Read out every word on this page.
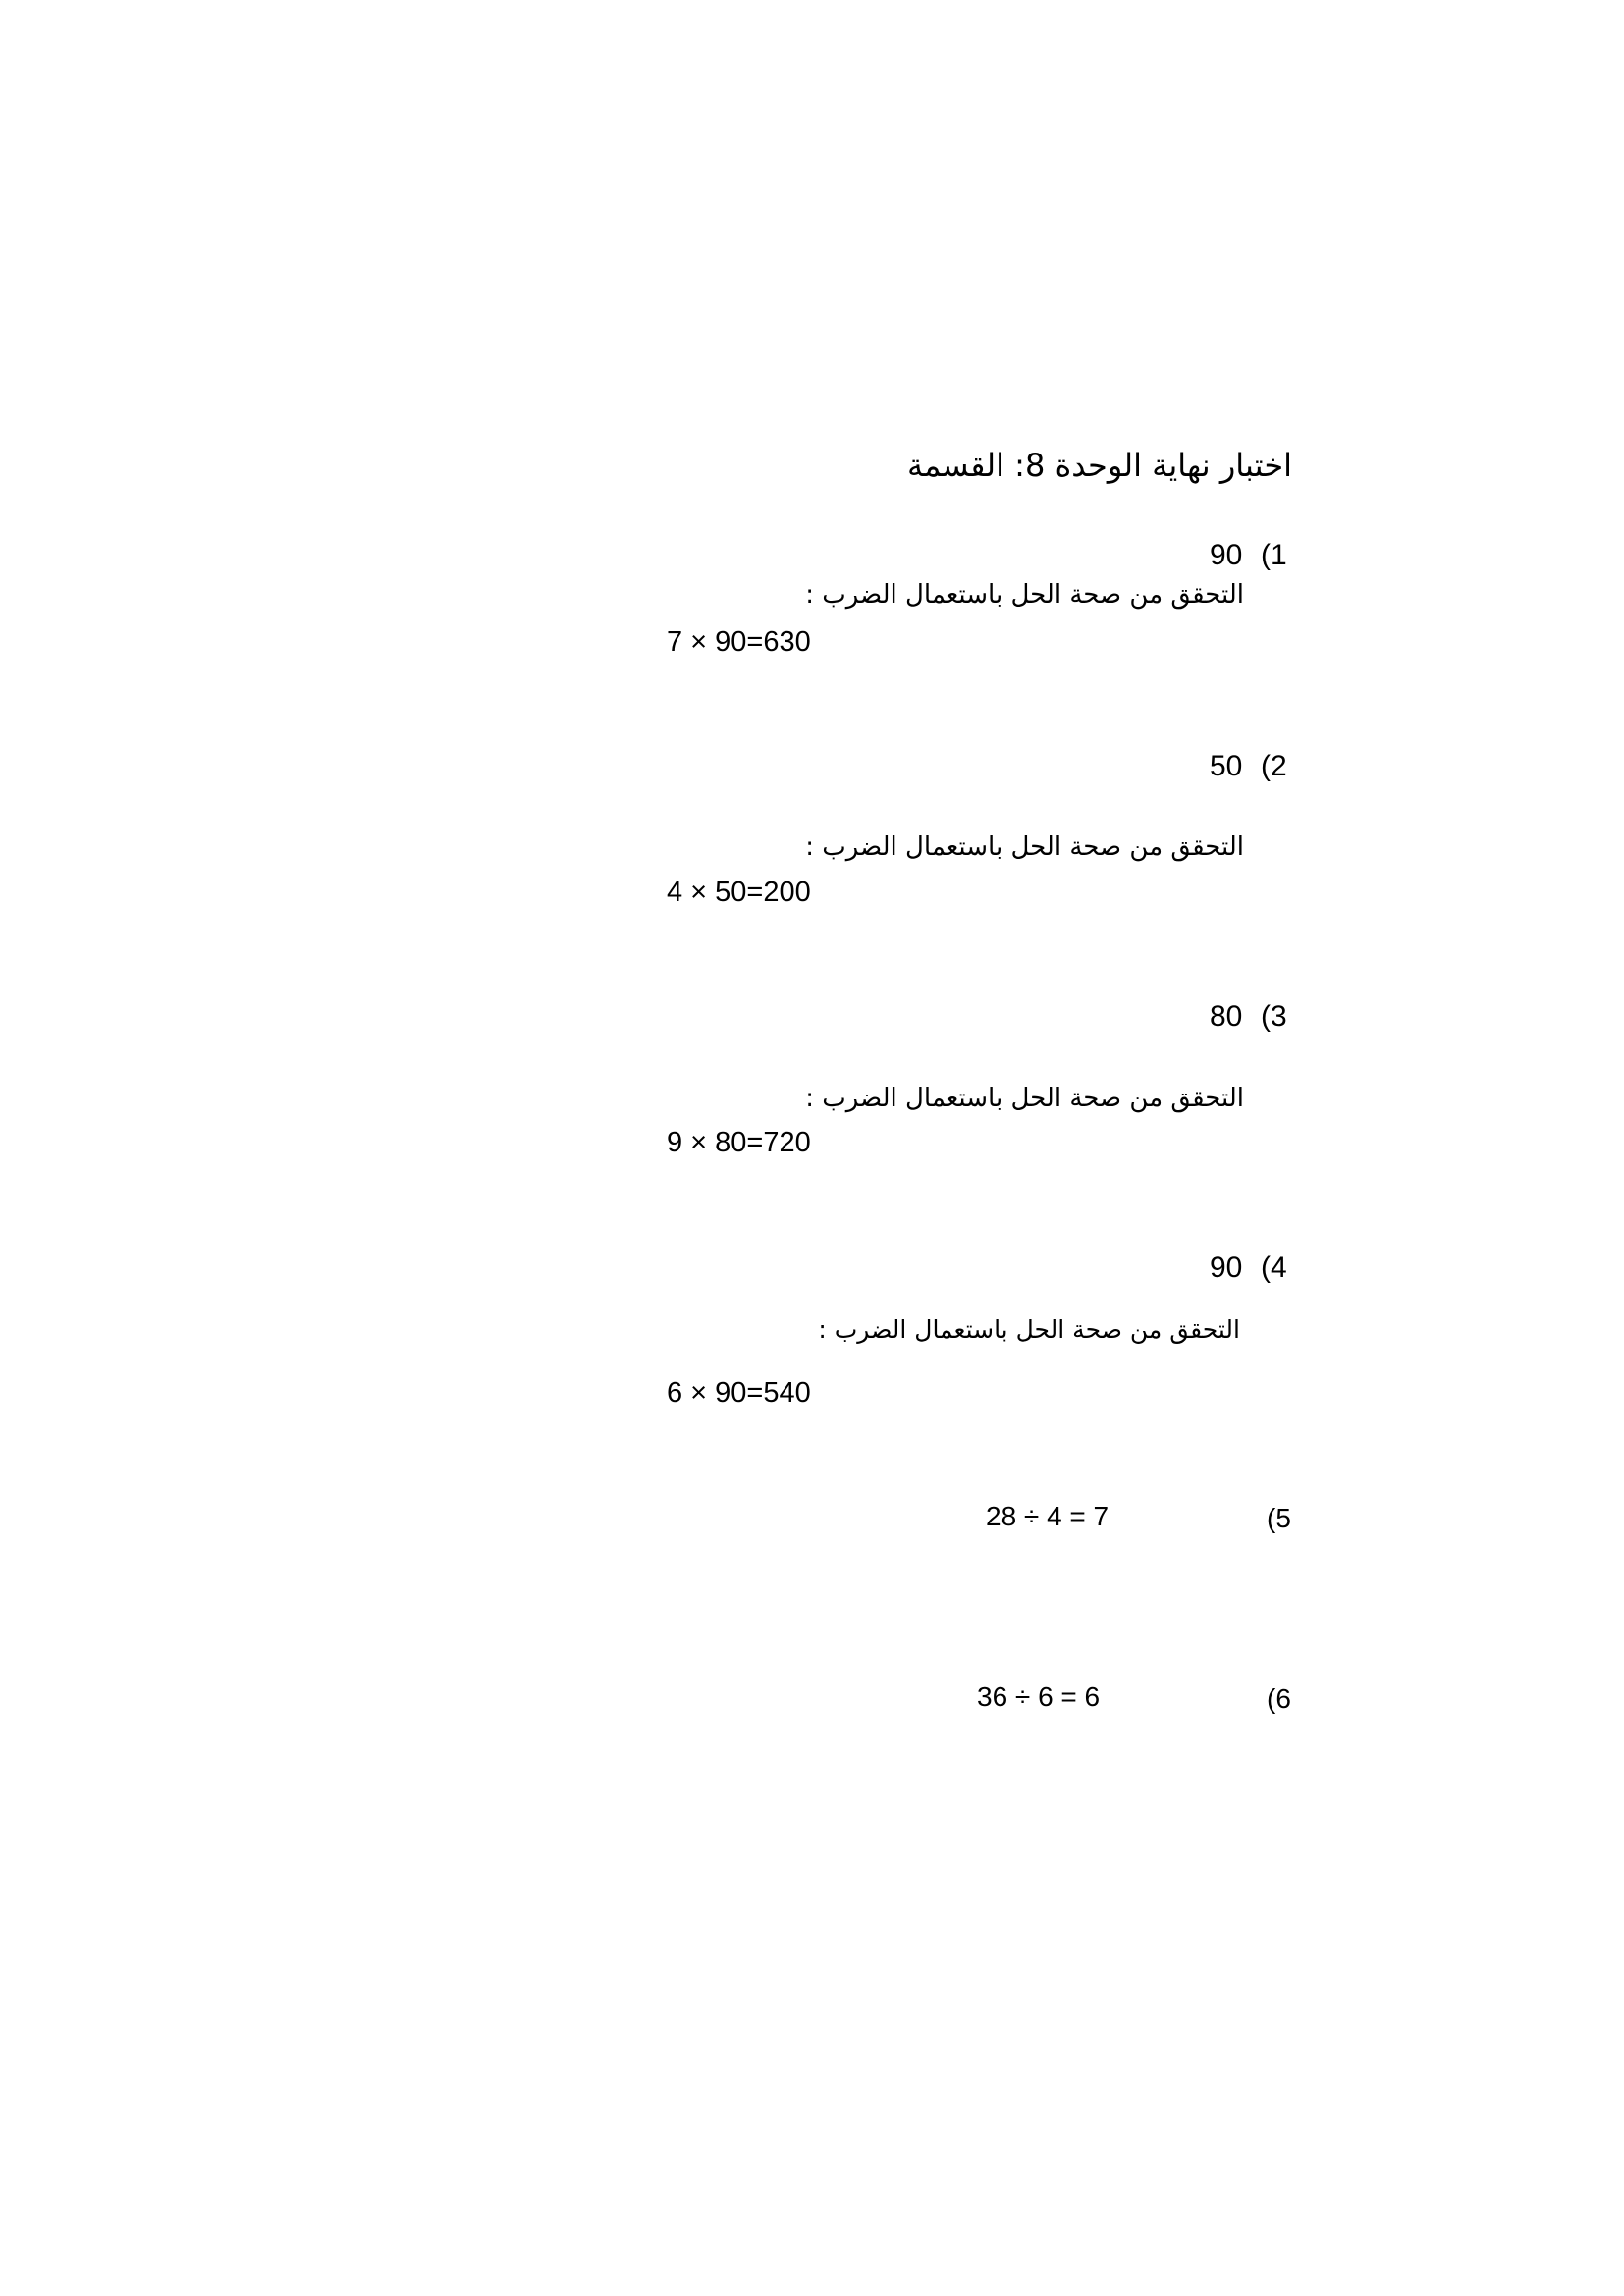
اختبار نهاية الوحدة 8: القسمة
(1
90
التحقق من صحة الحل باستعمال الضرب :
7 × 90=630
(2
50
التحقق من صحة الحل باستعمال الضرب :
4 × 50=200
(3
80
التحقق من صحة الحل باستعمال الضرب :
9 × 80=720
(4
90
التحقق من صحة الحل باستعمال الضرب :
6 × 90=540
(5
28 ÷ 4 = 7
(6
36 ÷ 6 = 6
